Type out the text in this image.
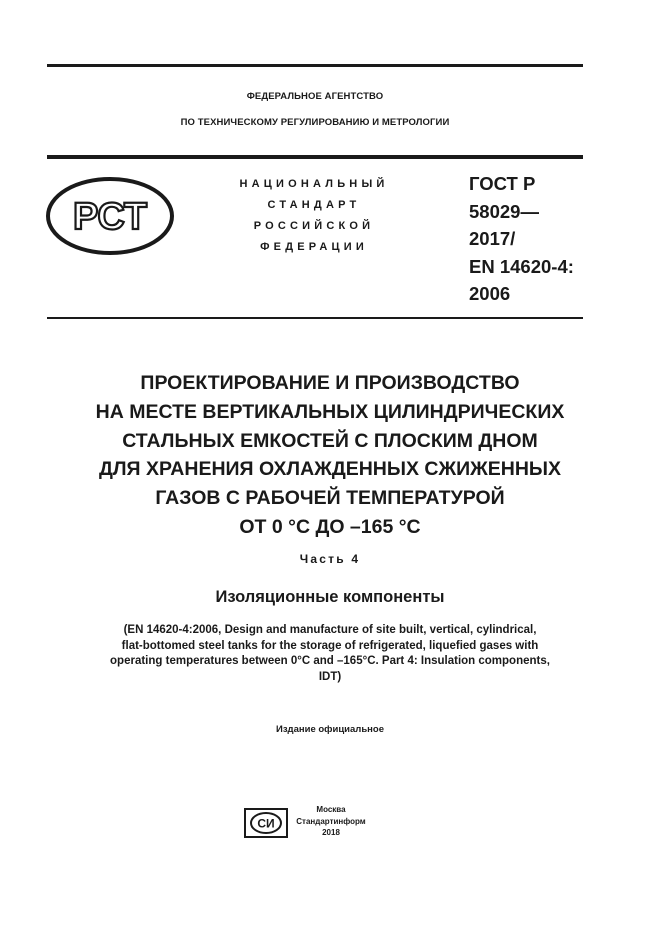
ФЕДЕРАЛЬНОЕ АГЕНТСТВО
ПО ТЕХНИЧЕСКОМУ РЕГУЛИРОВАНИЮ И МЕТРОЛОГИИ
РСТ
НАЦИОНАЛЬНЫЙ
СТАНДАРТ
РОССИЙСКОЙ
ФЕДЕРАЦИИ
ГОСТ Р
58029—
2017/
EN 14620-4:
2006
ПРОЕКТИРОВАНИЕ И ПРОИЗВОДСТВО
НА МЕСТЕ ВЕРТИКАЛЬНЫХ ЦИЛИНДРИЧЕСКИХ
СТАЛЬНЫХ ЕМКОСТЕЙ С ПЛОСКИМ ДНОМ
ДЛЯ ХРАНЕНИЯ ОХЛАЖДЕННЫХ СЖИЖЕННЫХ
ГАЗОВ С РАБОЧЕЙ ТЕМПЕРАТУРОЙ
ОТ 0 °С ДО –165 °С
Часть 4
Изоляционные компоненты
(EN 14620-4:2006, Design and manufacture of site built, vertical, cylindrical,
flat-bottomed steel tanks for the storage of refrigerated, liquefied gases with
operating temperatures between 0°C and –165°C. Part 4: Insulation components,
IDT)
Издание официальное
СИ
Москва
Стандартинформ
2018
